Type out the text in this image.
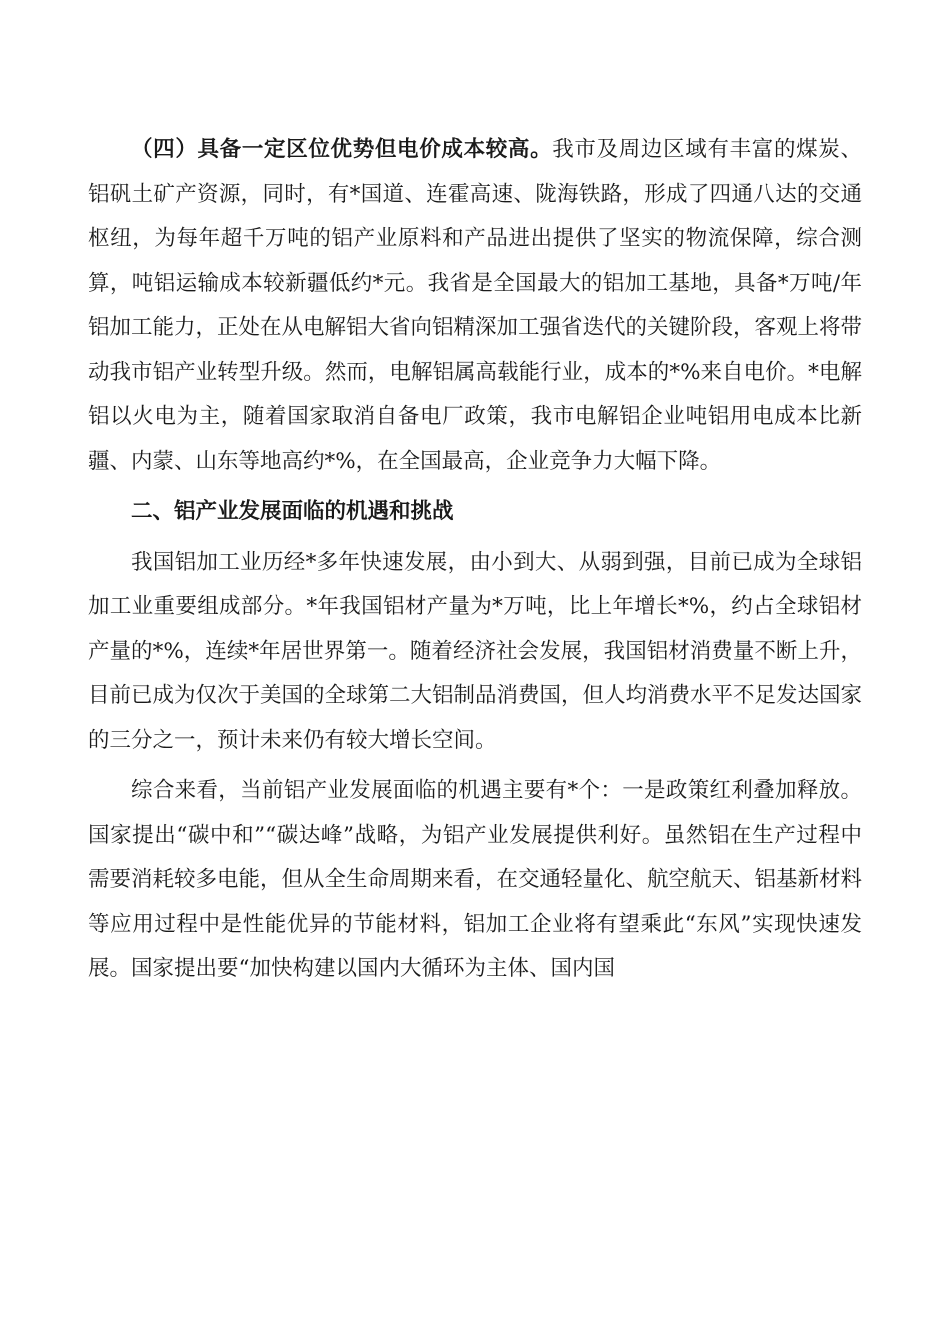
（四）具备一定区位优势但电价成本较高。我市及周边区域有丰富的煤炭、铝矾土矿产资源，同时，有*国道、连霍高速、陇海铁路，形成了四通八达的交通枢纽，为每年超千万吨的铝产业原料和产品进出提供了坚实的物流保障，综合测算，吨铝运输成本较新疆低约*元。我省是全国最大的铝加工基地，具备*万吨/年铝加工能力，正处在从电解铝大省向铝精深加工强省迭代的关键阶段，客观上将带动我市铝产业转型升级。然而，电解铝属高载能行业，成本的*%来自电价。*电解铝以火电为主，随着国家取消自备电厂政策，我市电解铝企业吨铝用电成本比新疆、内蒙、山东等地高约*%，在全国最高，企业竞争力大幅下降。

二、铝产业发展面临的机遇和挑战

我国铝加工业历经*多年快速发展，由小到大、从弱到强，目前已成为全球铝加工业重要组成部分。*年我国铝材产量为*万吨，比上年增长*%，约占全球铝材产量的*%，连续*年居世界第一。随着经济社会发展，我国铝材消费量不断上升，目前已成为仅次于美国的全球第二大铝制品消费国，但人均消费水平不足发达国家的三分之一，预计未来仍有较大增长空间。

综合来看，当前铝产业发展面临的机遇主要有*个：一是政策红利叠加释放。国家提出“碳中和”“碳达峰”战略，为铝产业发展提供利好。虽然铝在生产过程中需要消耗较多电能，但从全生命周期来看，在交通轻量化、航空航天、铝基新材料等应用过程中是性能优异的节能材料，铝加工企业将有望乘此“东风”实现快速发展。国家提出要“加快构建以国内大循环为主体、国内国
